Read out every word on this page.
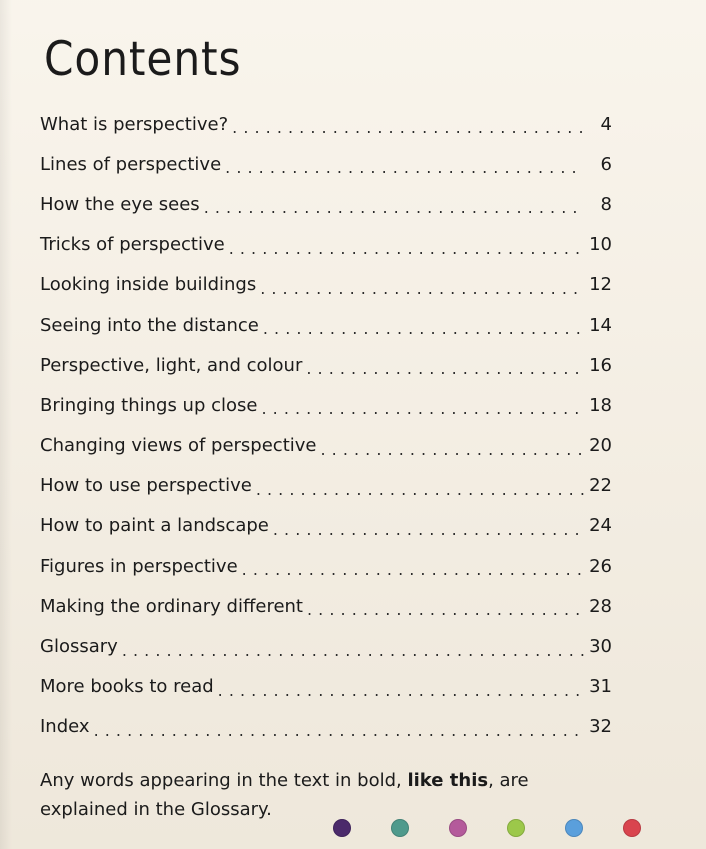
Contents
What is perspective? . . .	4
Lines of perspective . . .	6
How the eye sees . . .	8
Tricks of perspective . . .	10
Looking inside buildings . . .	12
Seeing into the distance . . .	14
Perspective, light, and colour . . .	16
Bringing things up close . . .	18
Changing views of perspective . . .	20
How to use perspective . . .	22
How to paint a landscape . . .	24
Figures in perspective . . .	26
Making the ordinary different . . .	28
Glossary . . .	30
More books to read . . .	31
Index . . .	32

Any words appearing in the text in bold, like this, are explained in the Glossary.
